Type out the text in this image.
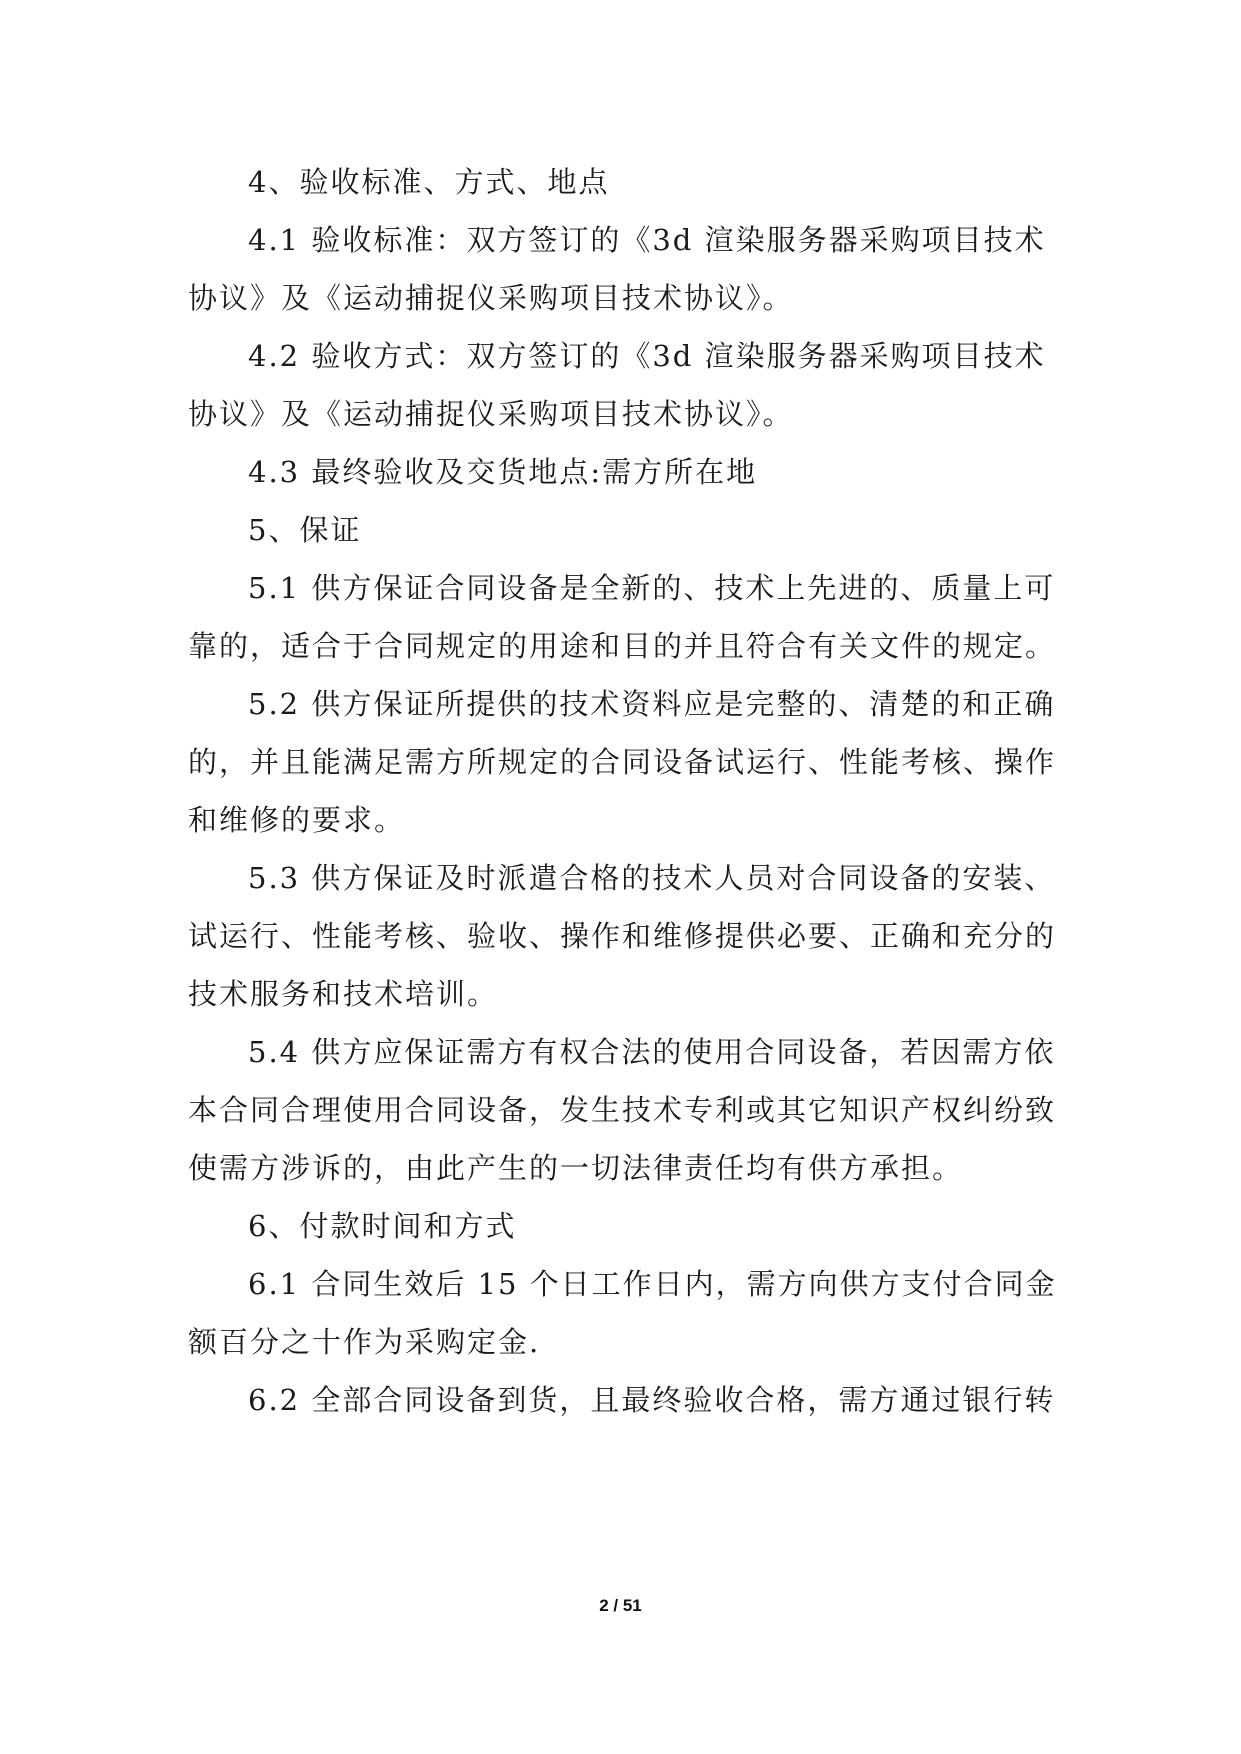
4、验收标准、方式、地点
4.1 验收标准：双方签订的《3d 渲染服务器采购项目技术
协议》及《运动捕捉仪采购项目技术协议》。
4.2 验收方式：双方签订的《3d 渲染服务器采购项目技术
协议》及《运动捕捉仪采购项目技术协议》。
4.3 最终验收及交货地点:需方所在地
5、保证
5.1 供方保证合同设备是全新的、技术上先进的、质量上可
靠的，适合于合同规定的用途和目的并且符合有关文件的规定。
5.2 供方保证所提供的技术资料应是完整的、清楚的和正确
的，并且能满足需方所规定的合同设备试运行、性能考核、操作
和维修的要求。
5.3 供方保证及时派遣合格的技术人员对合同设备的安装、
试运行、性能考核、验收、操作和维修提供必要、正确和充分的
技术服务和技术培训。
5.4 供方应保证需方有权合法的使用合同设备，若因需方依
本合同合理使用合同设备，发生技术专利或其它知识产权纠纷致
使需方涉诉的，由此产生的一切法律责任均有供方承担。
6、付款时间和方式
6.1 合同生效后 15 个日工作日内，需方向供方支付合同金
额百分之十作为采购定金.
6.2 全部合同设备到货，且最终验收合格，需方通过银行转
2 / 51
